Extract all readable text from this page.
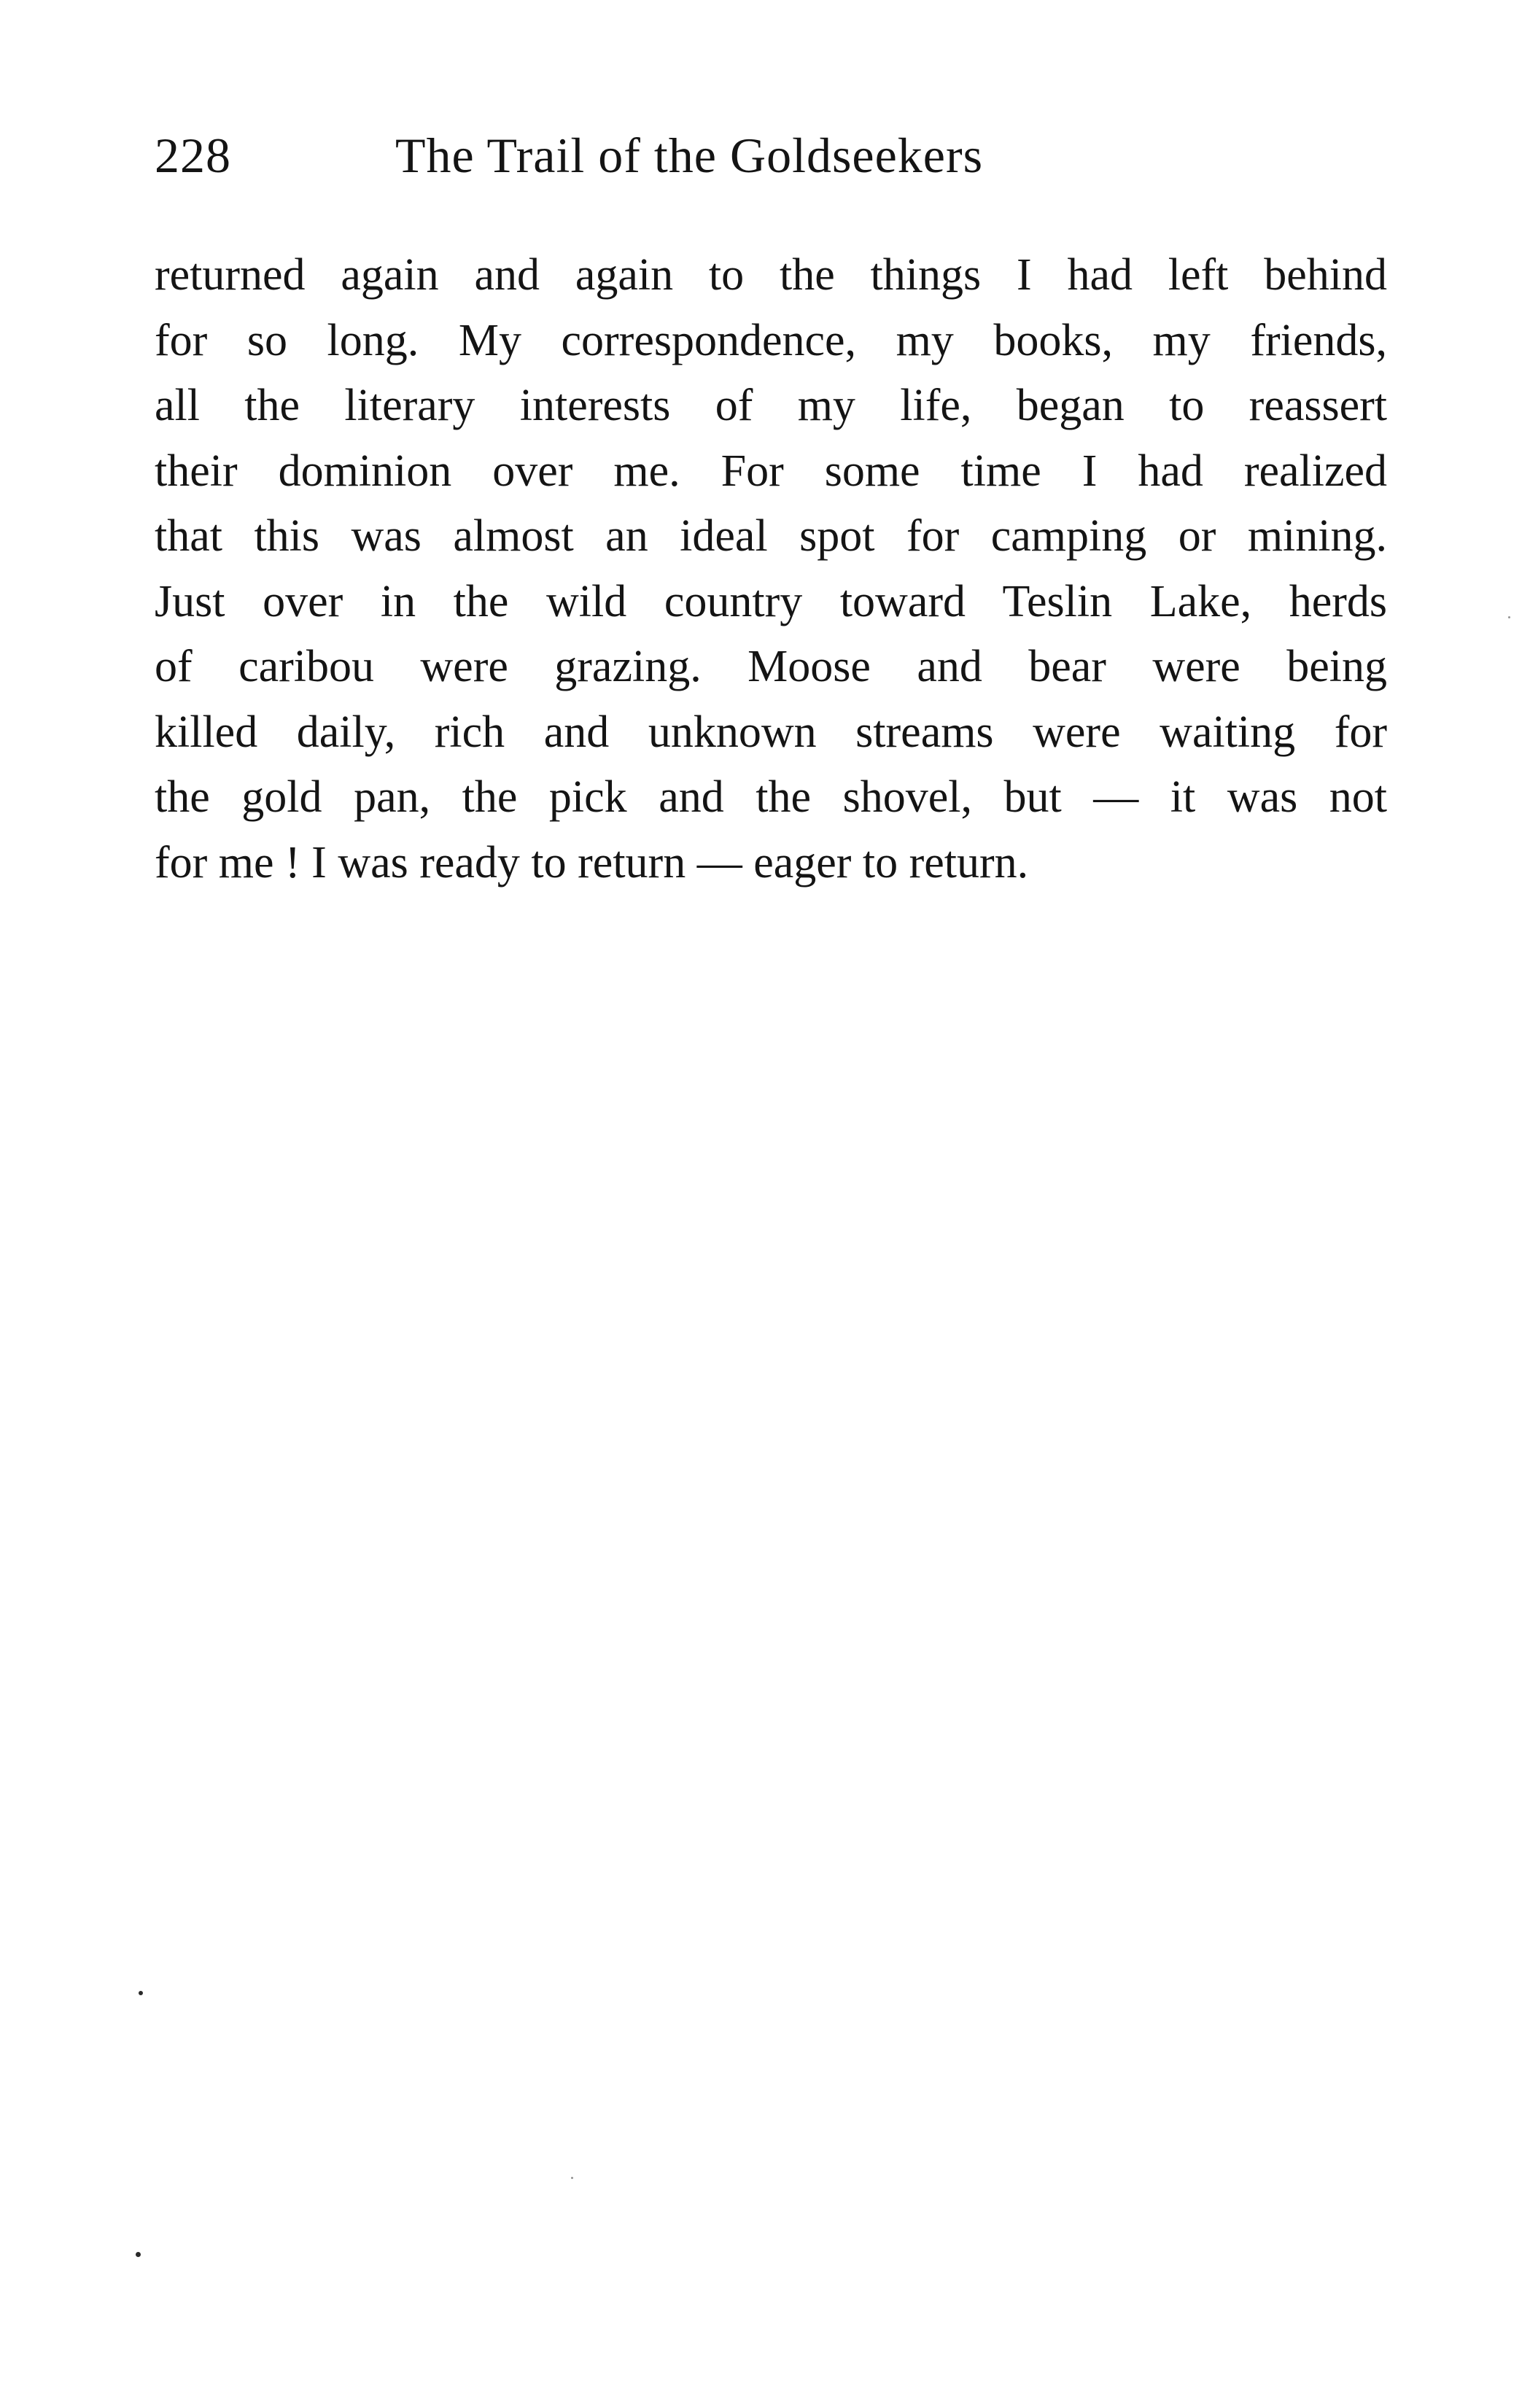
228	The Trail of the Goldseekers
returned again and again to the things I had left behind
for so long. My correspondence, my books, my friends,
all the literary interests of my life, began to reassert
their dominion over me. For some time I had realized
that this was almost an ideal spot for camping or mining.
Just over in the wild country toward Teslin Lake, herds
of caribou were grazing. Moose and bear were being
killed daily, rich and unknown streams were waiting for
the gold pan, the pick and the shovel, but — it was not
for me ! I was ready to return — eager to return.
